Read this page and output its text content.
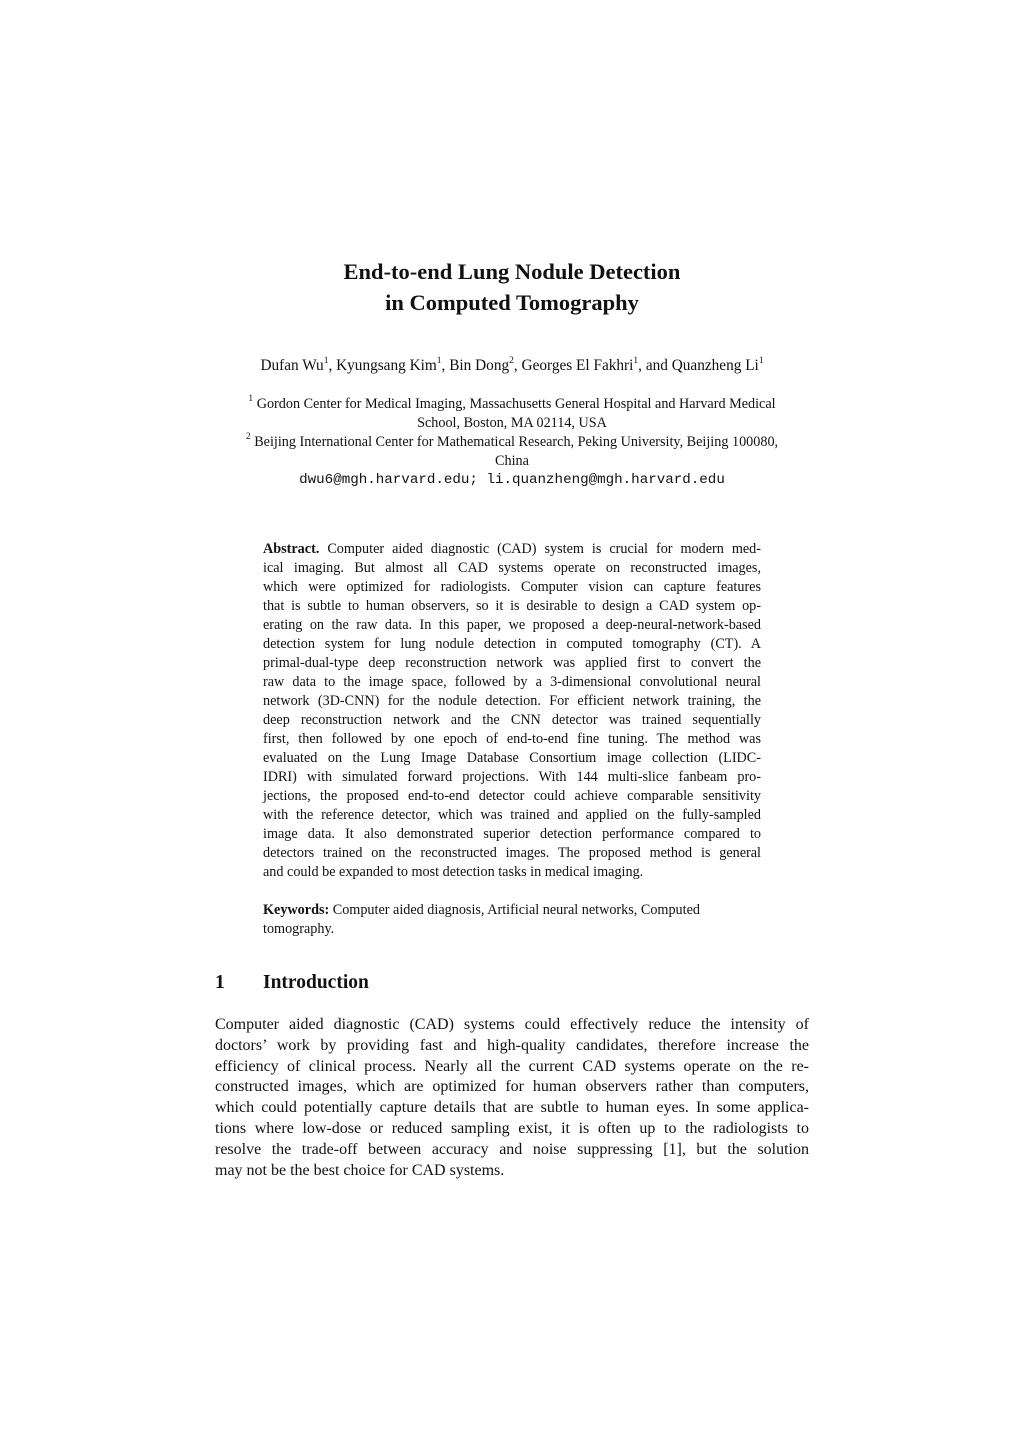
End-to-end Lung Nodule Detection
in Computed Tomography
Dufan Wu$^1$, Kyungsang Kim$^1$, Bin Dong$^2$, Georges El Fakhri$^1$, and Quanzheng Li$^1$
$^1$ Gordon Center for Medical Imaging, Massachusetts General Hospital and Harvard Medical
School, Boston, MA 02114, USA
$^2$ Beijing International Center for Mathematical Research, Peking University, Beijing 100080,
China
dwu6@mgh.harvard.edu; li.quanzheng@mgh.harvard.edu
Abstract. Computer aided diagnostic (CAD) system is crucial for modern med-
ical imaging. But almost all CAD systems operate on reconstructed images,
which were optimized for radiologists. Computer vision can capture features
that is subtle to human observers, so it is desirable to design a CAD system op-
erating on the raw data. In this paper, we proposed a deep-neural-network-based
detection system for lung nodule detection in computed tomography (CT). A
primal-dual-type deep reconstruction network was applied first to convert the
raw data to the image space, followed by a 3-dimensional convolutional neural
network (3D-CNN) for the nodule detection. For efficient network training, the
deep reconstruction network and the CNN detector was trained sequentially
first, then followed by one epoch of end-to-end fine tuning. The method was
evaluated on the Lung Image Database Consortium image collection (LIDC-
IDRI) with simulated forward projections. With 144 multi-slice fanbeam pro-
jections, the proposed end-to-end detector could achieve comparable sensitivity
with the reference detector, which was trained and applied on the fully-sampled
image data. It also demonstrated superior detection performance compared to
detectors trained on the reconstructed images. The proposed method is general
and could be expanded to most detection tasks in medical imaging.
Keywords: Computer aided diagnosis, Artificial neural networks, Computed
tomography.
1 Introduction
Computer aided diagnostic (CAD) systems could effectively reduce the intensity of
doctors’ work by providing fast and high-quality candidates, therefore increase the
efficiency of clinical process. Nearly all the current CAD systems operate on the re-
constructed images, which are optimized for human observers rather than computers,
which could potentially capture details that are subtle to human eyes. In some applica-
tions where low-dose or reduced sampling exist, it is often up to the radiologists to
resolve the trade-off between accuracy and noise suppressing [1], but the solution
may not be the best choice for CAD systems.
